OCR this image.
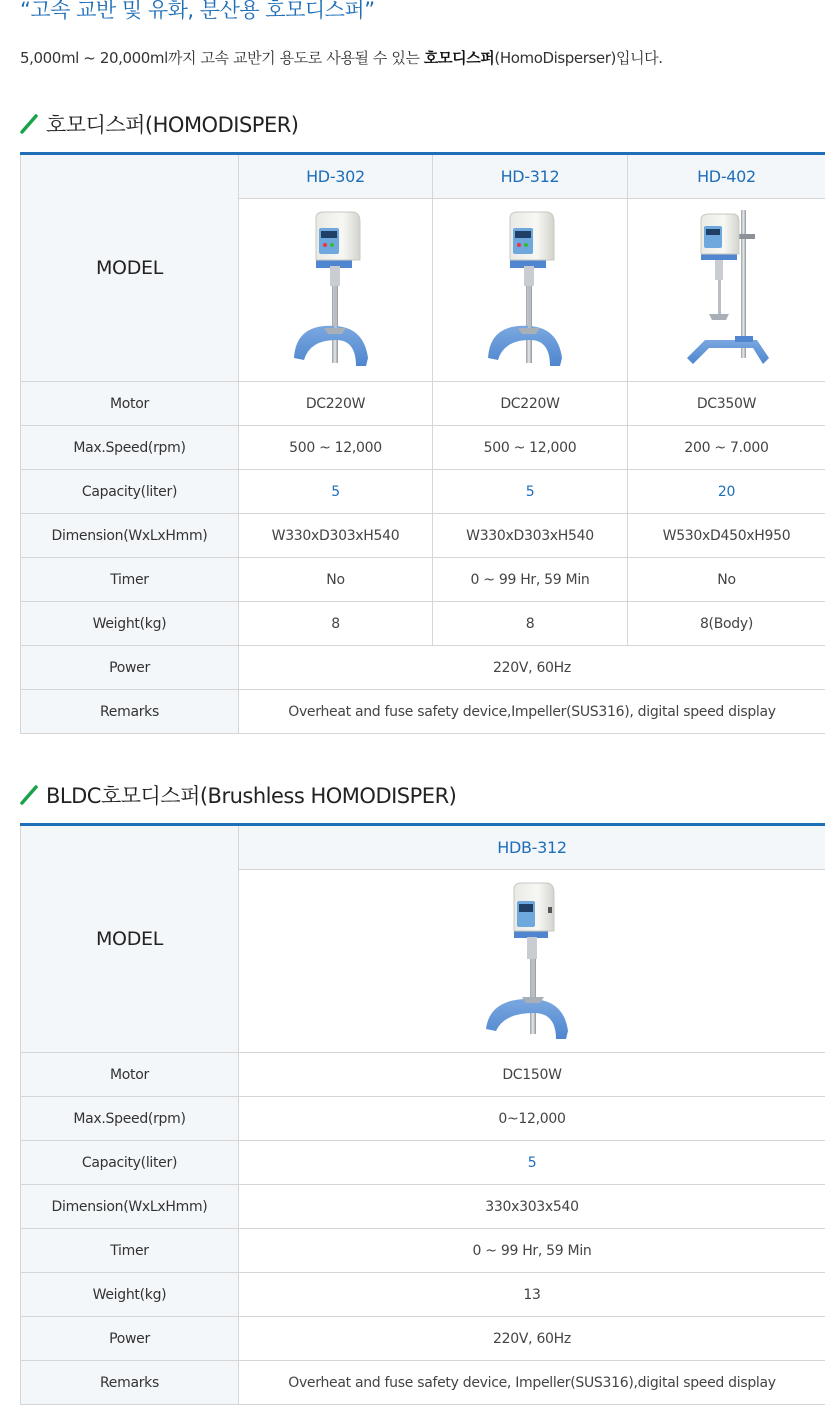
“고속 교반 및 유화, 분산용 호모디스퍼”

5,000ml ~ 20,000ml까지 고속 교반기 용도로 사용될 수 있는 호모디스퍼(HomoDisperser)입니다.

호모디스퍼(HOMODISPER)
MODEL	HD-302	HD-312	HD-402

Motor	DC220W	DC220W	DC350W
Max.Speed(rpm)	500 ~ 12,000	500 ~ 12,000	200 ~ 7.000
Capacity(liter)	5	5	20
Dimension(WxLxHmm)	W330xD303xH540	W330xD303xH540	W530xD450xH950
Timer	No	0 ~ 99 Hr, 59 Min	No
Weight(kg)	8	8	8(Body)
Power	220V, 60Hz		
Remarks	Overheat and fuse safety device,Impeller(SUS316), digital speed display		
BLDC호모디스퍼(Brushless HOMODISPER)
MODEL	HDB-312

Motor	DC150W
Max.Speed(rpm)	0~12,000
Capacity(liter)	5
Dimension(WxLxHmm)	330x303x540
Timer	0 ~ 99 Hr, 59 Min
Weight(kg)	13
Power	220V, 60Hz
Remarks	Overheat and fuse safety device, Impeller(SUS316),digital speed display
